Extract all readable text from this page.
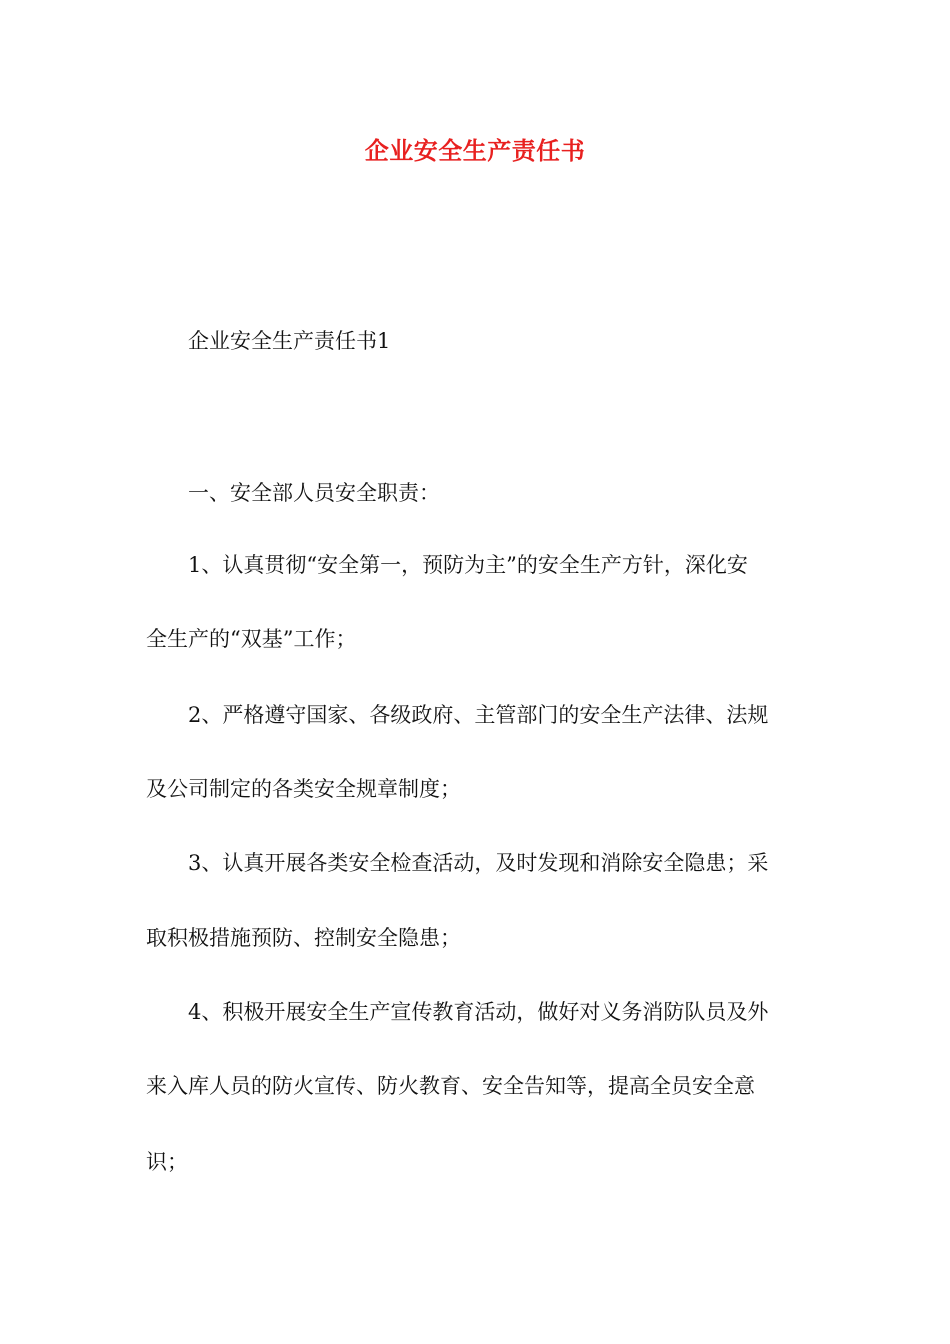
企业安全生产责任书
企业安全生产责任书1
一、安全部人员安全职责：
1、认真贯彻“安全第一，预防为主”的安全生产方针，深化安
全生产的“双基”工作；
2、严格遵守国家、各级政府、主管部门的安全生产法律、法规
及公司制定的各类安全规章制度；
3、认真开展各类安全检查活动，及时发现和消除安全隐患；采
取积极措施预防、控制安全隐患；
4、积极开展安全生产宣传教育活动，做好对义务消防队员及外
来入库人员的防火宣传、防火教育、安全告知等，提高全员安全意
识；
